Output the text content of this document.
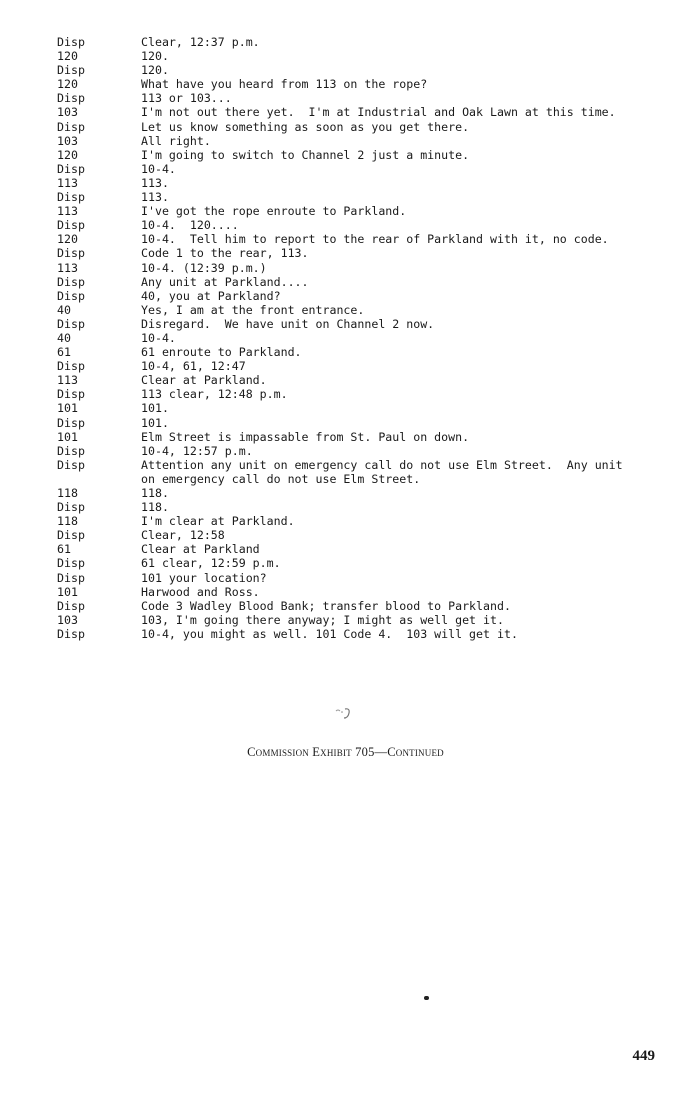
Disp	Clear, 12:37 p.m.
120	120.
Disp	120.
120	What have you heard from 113 on the rope?
Disp	113 or 103...
103	I'm not out there yet.  I'm at Industrial and Oak Lawn at this time.
Disp	Let us know something as soon as you get there.
103	All right.
120	I'm going to switch to Channel 2 just a minute.
Disp	10-4.
113	113.
Disp	113.
113	I've got the rope enroute to Parkland.
Disp	10-4.  120....
120	10-4.  Tell him to report to the rear of Parkland with it, no code.
Disp	Code 1 to the rear, 113.
113	10-4. (12:39 p.m.)
Disp	Any unit at Parkland....
Disp	40, you at Parkland?
40	Yes, I am at the front entrance.
Disp	Disregard.  We have unit on Channel 2 now.
40	10-4.
61	61 enroute to Parkland.
Disp	10-4, 61, 12:47
113	Clear at Parkland.
Disp	113 clear, 12:48 p.m.
101	101.
Disp	101.
101	Elm Street is impassable from St. Paul on down.
Disp	10-4, 12:57 p.m.
Disp	Attention any unit on emergency call do not use Elm Street.  Any unit on emergency call do not use Elm Street.
118	118.
Disp	118.
118	I'm clear at Parkland.
Disp	Clear, 12:58
61	Clear at Parkland
Disp	61 clear, 12:59 p.m.
Disp	101 your location?
101	Harwood and Ross.
Disp	Code 3 Wadley Blood Bank; transfer blood to Parkland.
103	103, I'm going there anyway; I might as well get it.
Disp	10-4, you might as well. 101 Code 4.  103 will get it.
Commission Exhibit 705—Continued
449
